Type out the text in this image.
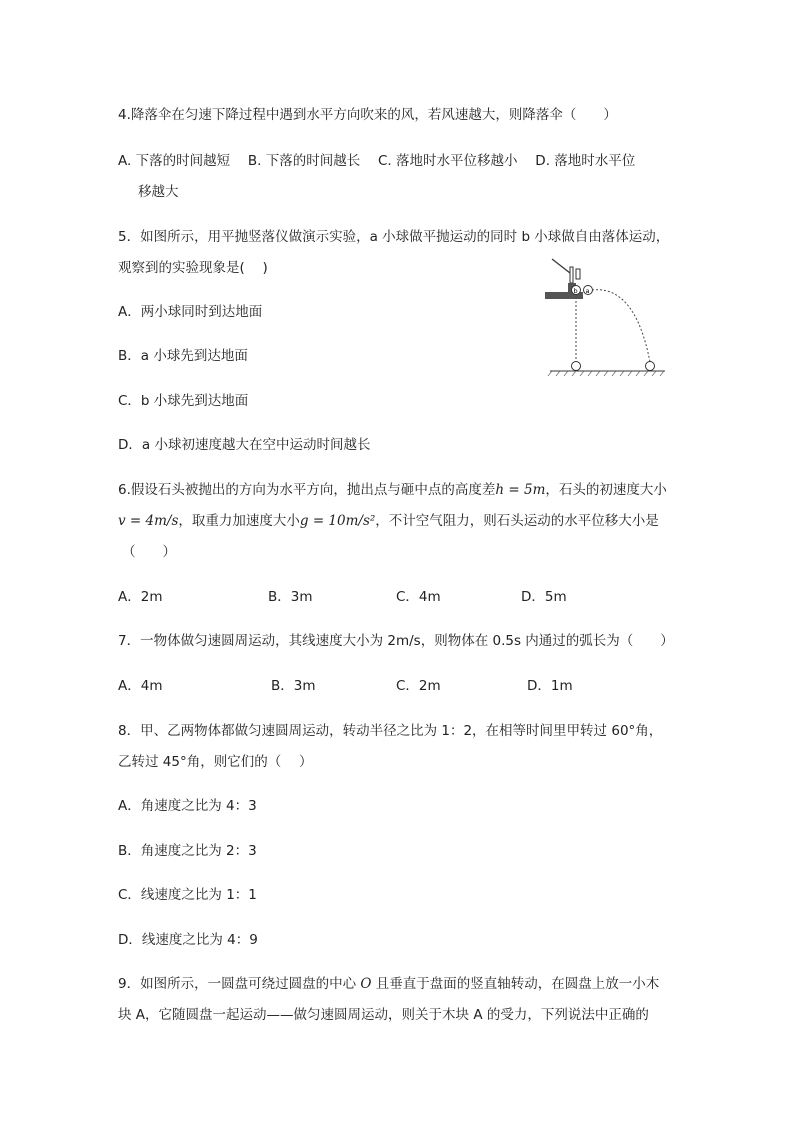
4.降落伞在匀速下降过程中遇到水平方向吹来的风，若风速越大，则降落伞（　　）
A. 下落的时间越短　 B. 下落的时间越长　 C. 落地时水平位移越小　 D. 落地时水平位
移越大
5．如图所示，用平抛竖落仪做演示实验，a 小球做平抛运动的同时 b 小球做自由落体运动，
观察到的实验现象是(　 )
A．两小球同时到达地面
B．a 小球先到达地面
C．b 小球先到达地面
D．a 小球初速度越大在空中运动时间越长
b a
6.假设石头被抛出的方向为水平方向，抛出点与砸中点的高度差h = 5m，石头的初速度大小
v = 4m/s，取重力加速度大小g = 10m/s²，不计空气阻力，则石头运动的水平位移大小是
（　　）
A．2m	B．3m	C．4m	D．5m
7．一物体做匀速圆周运动，其线速度大小为 2m/s，则物体在 0.5s 内通过的弧长为（　　）
A．4m	B．3m	C．2m	D．1m
8．甲、乙两物体都做匀速圆周运动，转动半径之比为 1：2，在相等时间里甲转过 60°角，
乙转过 45°角，则它们的（　 ）
A．角速度之比为 4：3
B．角速度之比为 2：3
C．线速度之比为 1：1
D．线速度之比为 4：9
9．如图所示，一圆盘可绕过圆盘的中心 O 且垂直于盘面的竖直轴转动，在圆盘上放一小木
块 A，它随圆盘一起运动——做匀速圆周运动，则关于木块 A 的受力，下列说法中正确的
